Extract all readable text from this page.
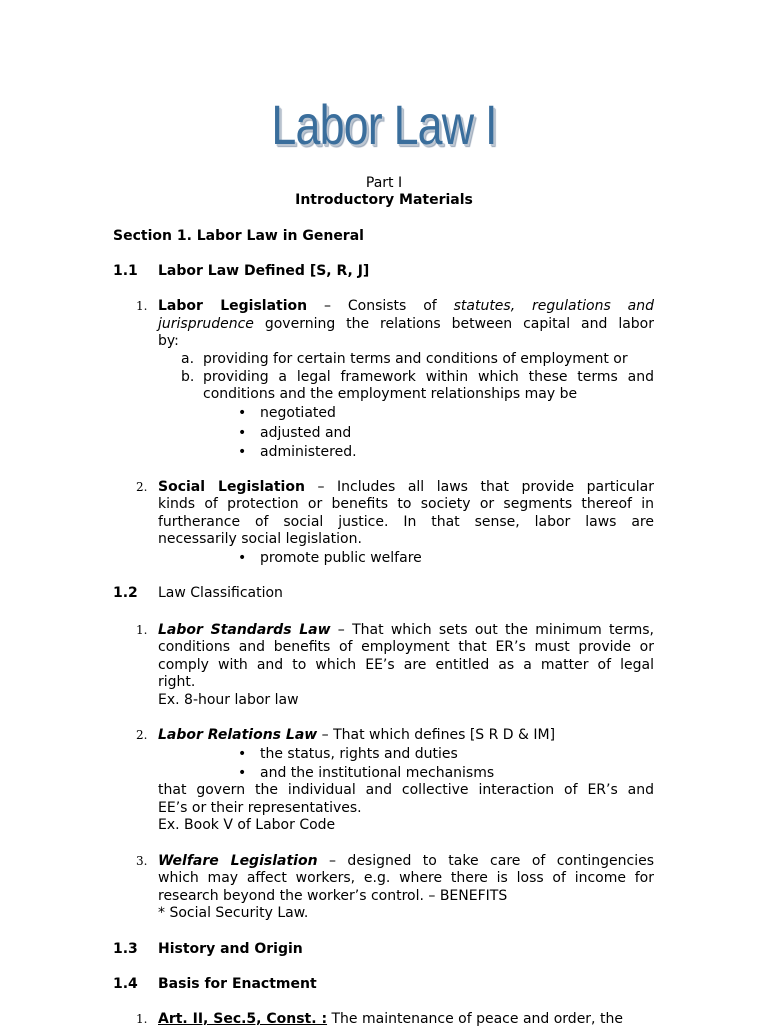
Labor Law I
Part I
Introductory Materials
Section 1. Labor Law in General
1.1 Labor Law Defined [S, R, J]
1. Labor Legislation – Consists of statutes, regulations and
jurisprudence governing the relations between capital and labor
by:
a. providing for certain terms and conditions of employment or
b. providing a legal framework within which these terms and
conditions and the employment relationships may be
• negotiated
• adjusted and
• administered.
2. Social Legislation – Includes all laws that provide particular
kinds of protection or benefits to society or segments thereof in
furtherance of social justice. In that sense, labor laws are
necessarily social legislation.
• promote public welfare
1.2 Law Classification
1. Labor Standards Law – That which sets out the minimum terms,
conditions and benefits of employment that ER’s must provide or
comply with and to which EE’s are entitled as a matter of legal
right.
Ex. 8-hour labor law
2. Labor Relations Law – That which defines [S R D & IM]
• the status, rights and duties
• and the institutional mechanisms
that govern the individual and collective interaction of ER’s and
EE’s or their representatives.
Ex. Book V of Labor Code
3. Welfare Legislation – designed to take care of contingencies
which may affect workers, e.g. where there is loss of income for
research beyond the worker’s control. – BENEFITS
* Social Security Law.
1.3 History and Origin
1.4 Basis for Enactment
1. Art. II, Sec.5, Const. : The maintenance of peace and order, the
